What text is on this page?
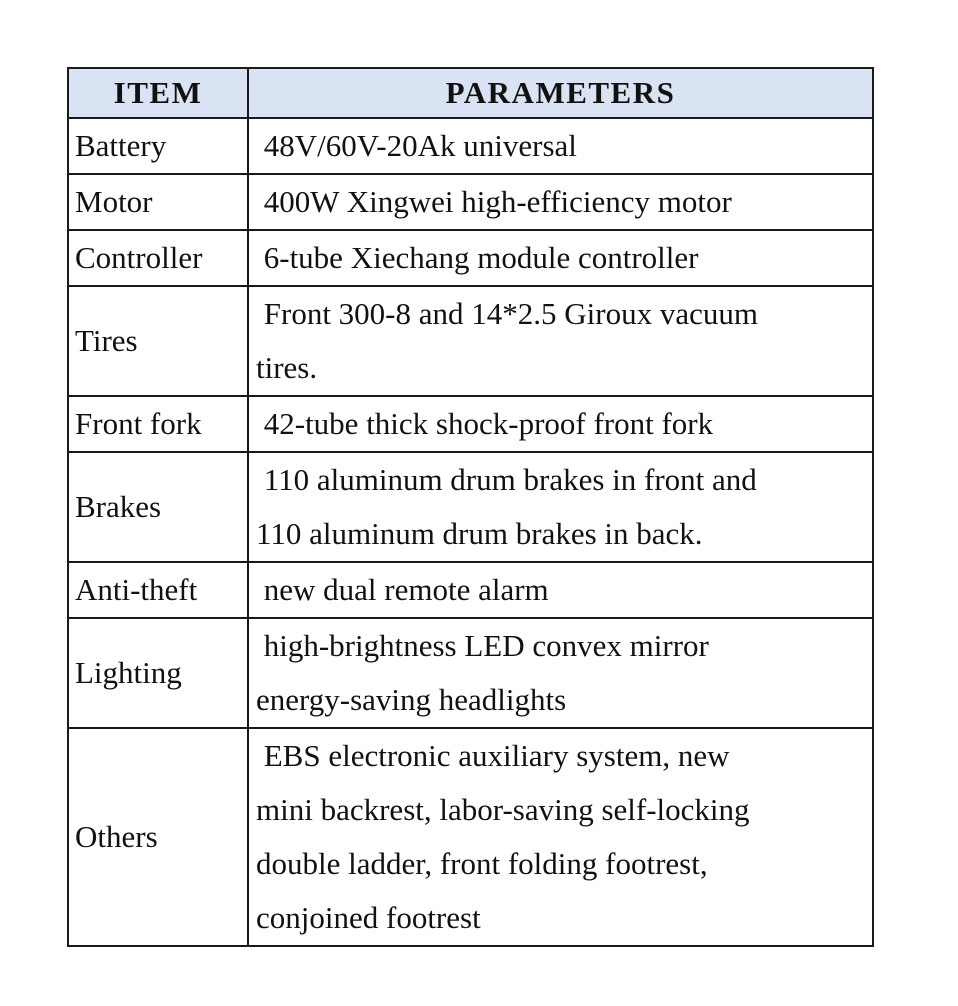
ITEM	PARAMETERS
Battery	48V/60V-20Ak universal
Motor	400W Xingwei high-efficiency motor
Controller	6-tube Xiechang module controller
Tires	Front 300-8 and 14*2.5 Giroux vacuum
tires.
Front fork	42-tube thick shock-proof front fork
Brakes	110 aluminum drum brakes in front and
110 aluminum drum brakes in back.
Anti-theft	new dual remote alarm
Lighting	high-brightness LED convex mirror
energy-saving headlights
Others	EBS electronic auxiliary system, new
mini backrest, labor-saving self-locking
double ladder, front folding footrest,
conjoined footrest
